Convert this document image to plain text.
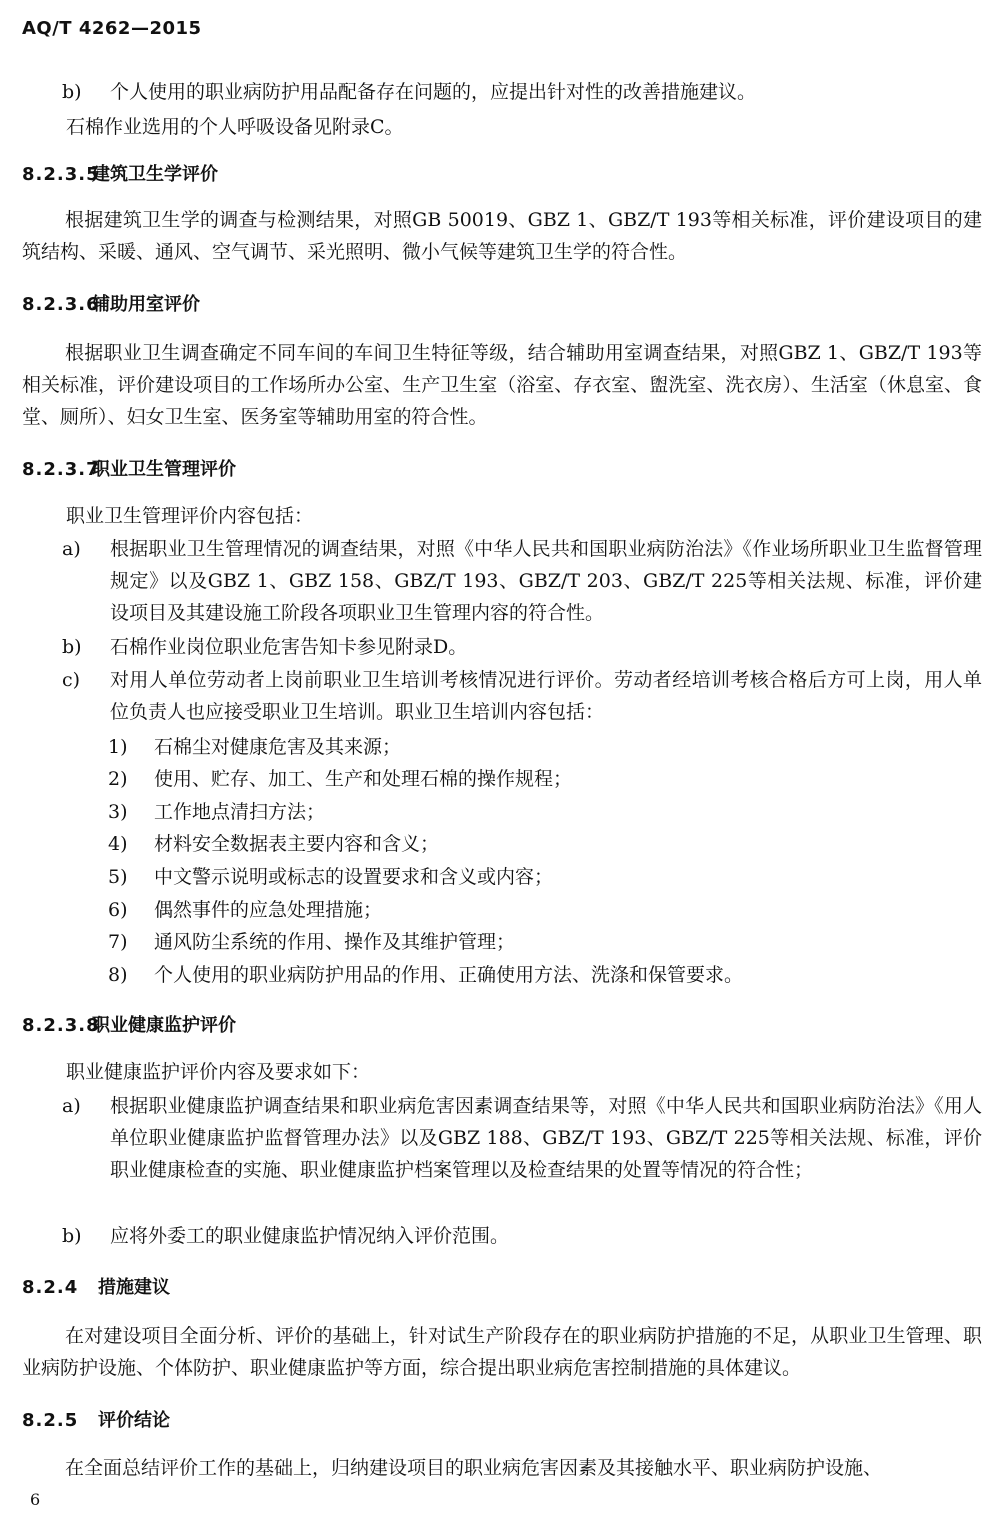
AQ/T 4262—2015
b)	个人使用的职业病防护用品配备存在问题的，应提出针对性的改善措施建议。
石棉作业选用的个人呼吸设备见附录C。
8.2.3.5建筑卫生学评价
根据建筑卫生学的调查与检测结果，对照GB 50019、GBZ 1、GBZ/T 193等相关标准，评价建设项目的建筑结构、采暖、通风、空气调节、采光照明、微小气候等建筑卫生学的符合性。
8.2.3.6辅助用室评价
根据职业卫生调查确定不同车间的车间卫生特征等级，结合辅助用室调查结果，对照GBZ 1、GBZ/T 193等相关标准，评价建设项目的工作场所办公室、生产卫生室（浴室、存衣室、盥洗室、洗衣房）、生活室（休息室、食堂、厕所）、妇女卫生室、医务室等辅助用室的符合性。
8.2.3.7职业卫生管理评价
职业卫生管理评价内容包括：
a)	根据职业卫生管理情况的调查结果，对照《中华人民共和国职业病防治法》《作业场所职业卫生监督管理规定》以及GBZ 1、GBZ 158、GBZ/T 193、GBZ/T 203、GBZ/T 225等相关法规、标准，评价建设项目及其建设施工阶段各项职业卫生管理内容的符合性。
b)	石棉作业岗位职业危害告知卡参见附录D。
c)	对用人单位劳动者上岗前职业卫生培训考核情况进行评价。劳动者经培训考核合格后方可上岗，用人单位负责人也应接受职业卫生培训。职业卫生培训内容包括：
1) 石棉尘对健康危害及其来源；
2) 使用、贮存、加工、生产和处理石棉的操作规程；
3) 工作地点清扫方法；
4) 材料安全数据表主要内容和含义；
5) 中文警示说明或标志的设置要求和含义或内容；
6) 偶然事件的应急处理措施；
7) 通风防尘系统的作用、操作及其维护管理；
8) 个人使用的职业病防护用品的作用、正确使用方法、洗涤和保管要求。
8.2.3.8职业健康监护评价
职业健康监护评价内容及要求如下：
a)	根据职业健康监护调查结果和职业病危害因素调查结果等，对照《中华人民共和国职业病防治法》《用人单位职业健康监护监督管理办法》以及GBZ 188、GBZ/T 193、GBZ/T 225等相关法规、标准，评价职业健康检查的实施、职业健康监护档案管理以及检查结果的处置等情况的符合性；
b)	应将外委工的职业健康监护情况纳入评价范围。
8.2.4 措施建议
在对建设项目全面分析、评价的基础上，针对试生产阶段存在的职业病防护措施的不足，从职业卫生管理、职业病防护设施、个体防护、职业健康监护等方面，综合提出职业病危害控制措施的具体建议。
8.2.5 评价结论
在全面总结评价工作的基础上，归纳建设项目的职业病危害因素及其接触水平、职业病防护设施、
6
